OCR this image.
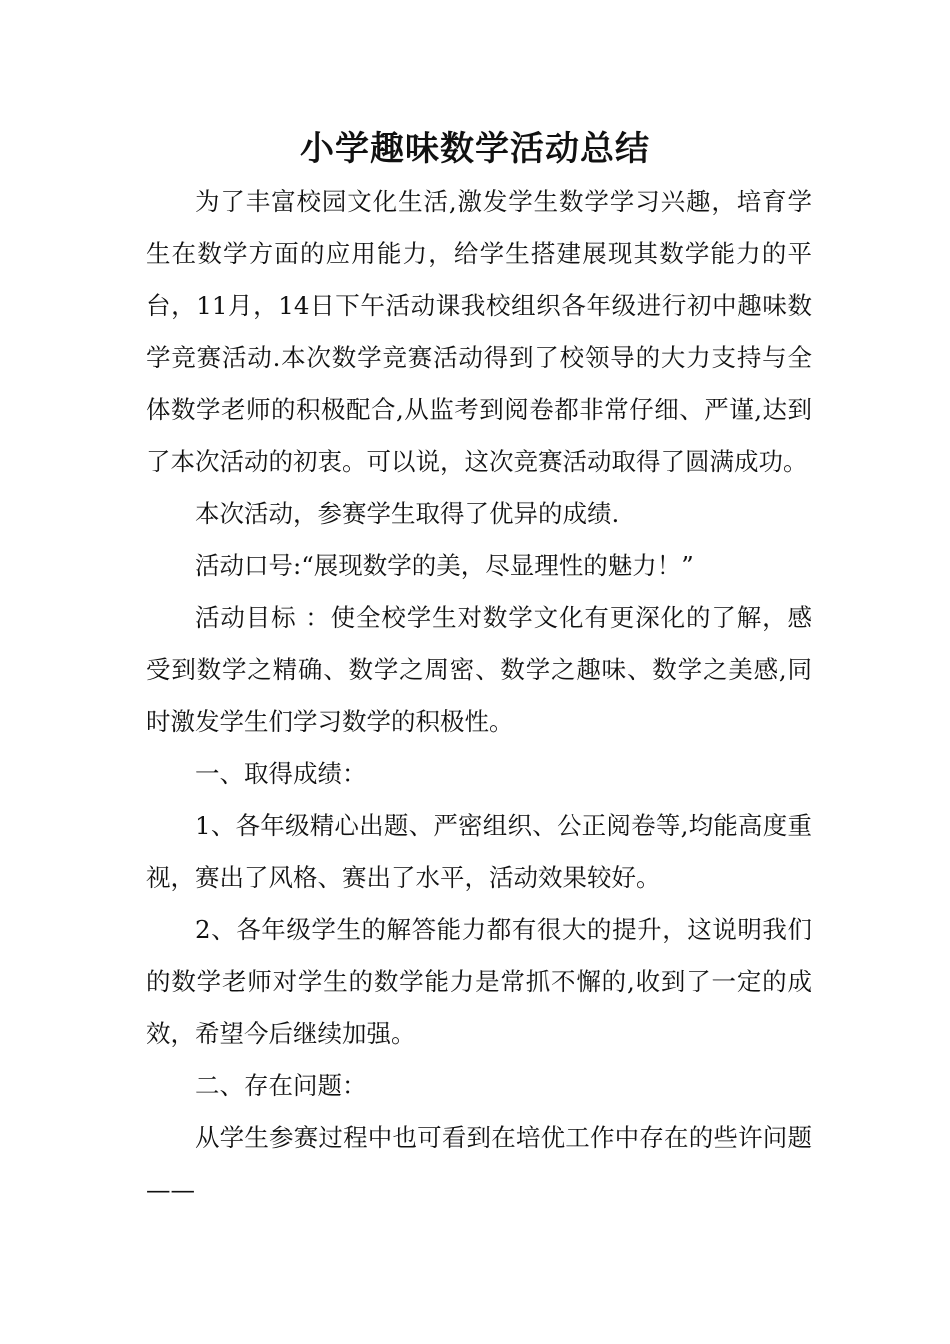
小学趣味数学活动总结

为了丰富校园文化生活,激发学生数学学习兴趣，培育学生在数学方面的应用能力，给学生搭建展现其数学能力的平台，11月，14日下午活动课我校组织各年级进行初中趣味数学竞赛活动.本次数学竞赛活动得到了校领导的大力支持与全体数学老师的积极配合,从监考到阅卷都非常仔细、严谨,达到了本次活动的初衷。可以说，这次竞赛活动取得了圆满成功。

本次活动，参赛学生取得了优异的成绩.

活动口号:“展现数学的美，尽显理性的魅力！”

活动目标 ：使全校学生对数学文化有更深化的了解，感受到数学之精确、数学之周密、数学之趣味、数学之美感,同时激发学生们学习数学的积极性。

一、取得成绩：

1、各年级精心出题、严密组织、公正阅卷等,均能高度重视，赛出了风格、赛出了水平，活动效果较好。

2、各年级学生的解答能力都有很大的提升，这说明我们的数学老师对学生的数学能力是常抓不懈的,收到了一定的成效，希望今后继续加强。

二、存在问题：

从学生参赛过程中也可看到在培优工作中存在的些许问题——
